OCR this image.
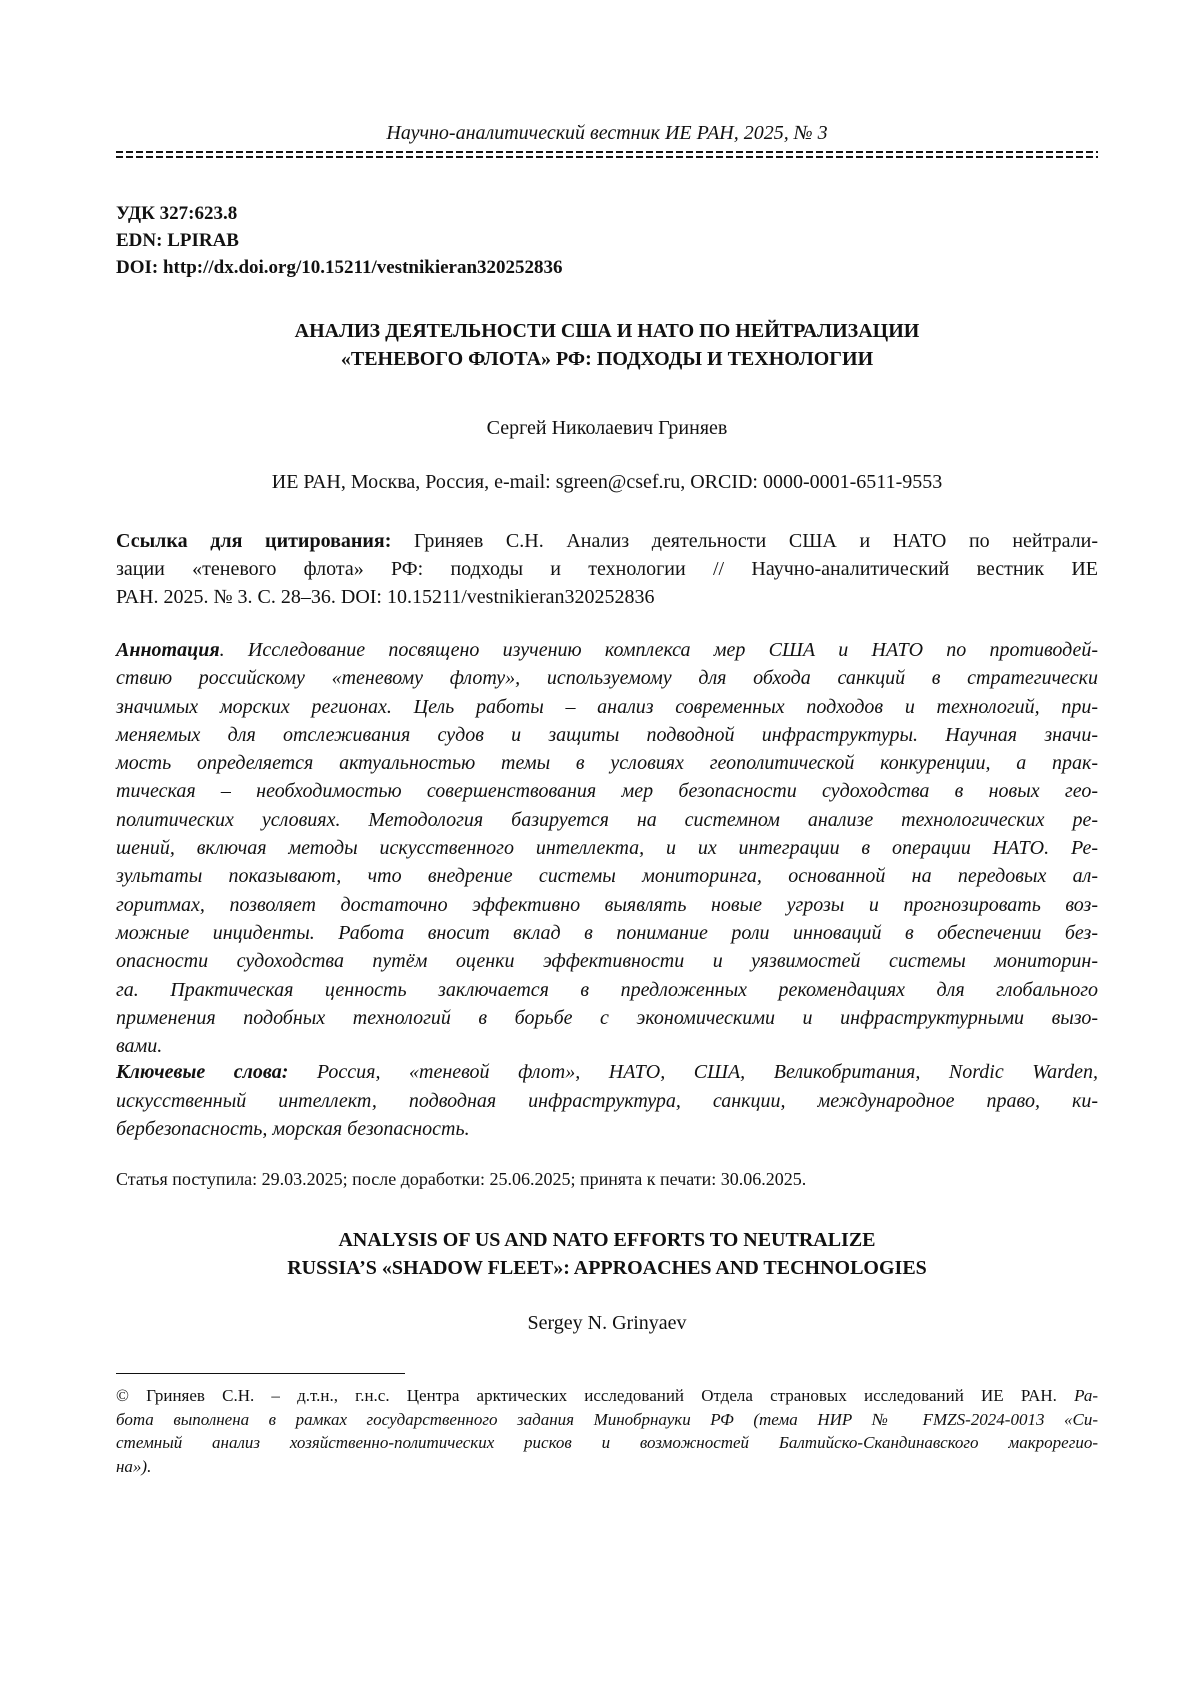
Научно-аналитический вестник ИЕ РАН, 2025, № 3
УДК 327:623.8
EDN: LPIRAB
DOI: http://dx.doi.org/10.15211/vestnikieran320252836
АНАЛИЗ ДЕЯТЕЛЬНОСТИ США И НАТО ПО НЕЙТРАЛИЗАЦИИ
«ТЕНЕВОГО ФЛОТА» РФ: ПОДХОДЫ И ТЕХНОЛОГИИ
Сергей Николаевич Гриняев
ИЕ РАН, Москва, Россия, e-mail: sgreen@csef.ru, ORCID: 0000-0001-6511-9553
Ссылка для цитирования: Гриняев С.Н. Анализ деятельности США и НАТО по нейтрали-
зации «теневого флота» РФ: подходы и технологии // Научно-аналитический вестник ИЕ
РАН. 2025. № 3. С. 28–36. DOI: 10.15211/vestnikieran320252836
Аннотация. Исследование посвящено изучению комплекса мер США и НАТО по противодей-
ствию российскому «теневому флоту», используемому для обхода санкций в стратегически
значимых морских регионах. Цель работы – анализ современных подходов и технологий, при-
меняемых для отслеживания судов и защиты подводной инфраструктуры. Научная значи-
мость определяется актуальностью темы в условиях геополитической конкуренции, а прак-
тическая – необходимостью совершенствования мер безопасности судоходства в новых гео-
политических условиях. Методология базируется на системном анализе технологических ре-
шений, включая методы искусственного интеллекта, и их интеграции в операции НАТО. Ре-
зультаты показывают, что внедрение системы мониторинга, основанной на передовых ал-
горитмах, позволяет достаточно эффективно выявлять новые угрозы и прогнозировать воз-
можные инциденты. Работа вносит вклад в понимание роли инноваций в обеспечении без-
опасности судоходства путём оценки эффективности и уязвимостей системы мониторин-
га. Практическая ценность заключается в предложенных рекомендациях для глобального
применения подобных технологий в борьбе с экономическими и инфраструктурными вызо-
вами.
Ключевые слова: Россия, «теневой флот», НАТО, США, Великобритания, Nordic Warden,
искусственный интеллект, подводная инфраструктура, санкции, международное право, ки-
бербезопасность, морская безопасность.
Статья поступила: 29.03.2025; после доработки: 25.06.2025; принята к печати: 30.06.2025.
ANALYSIS OF US AND NATO EFFORTS TO NEUTRALIZE
RUSSIA’S «SHADOW FLEET»: APPROACHES AND TECHNOLOGIES
Sergey N. Grinyaev
© Гриняев С.Н. – д.т.н., г.н.с. Центра арктических исследований Отдела страновых исследований ИЕ РАН. Ра-
бота выполнена в рамках государственного задания Минобрнауки РФ (тема НИР № FMZS-2024-0013 «Си-
стемный анализ хозяйственно-политических рисков и возможностей Балтийско-Скандинавского макрорегио-
на»).
